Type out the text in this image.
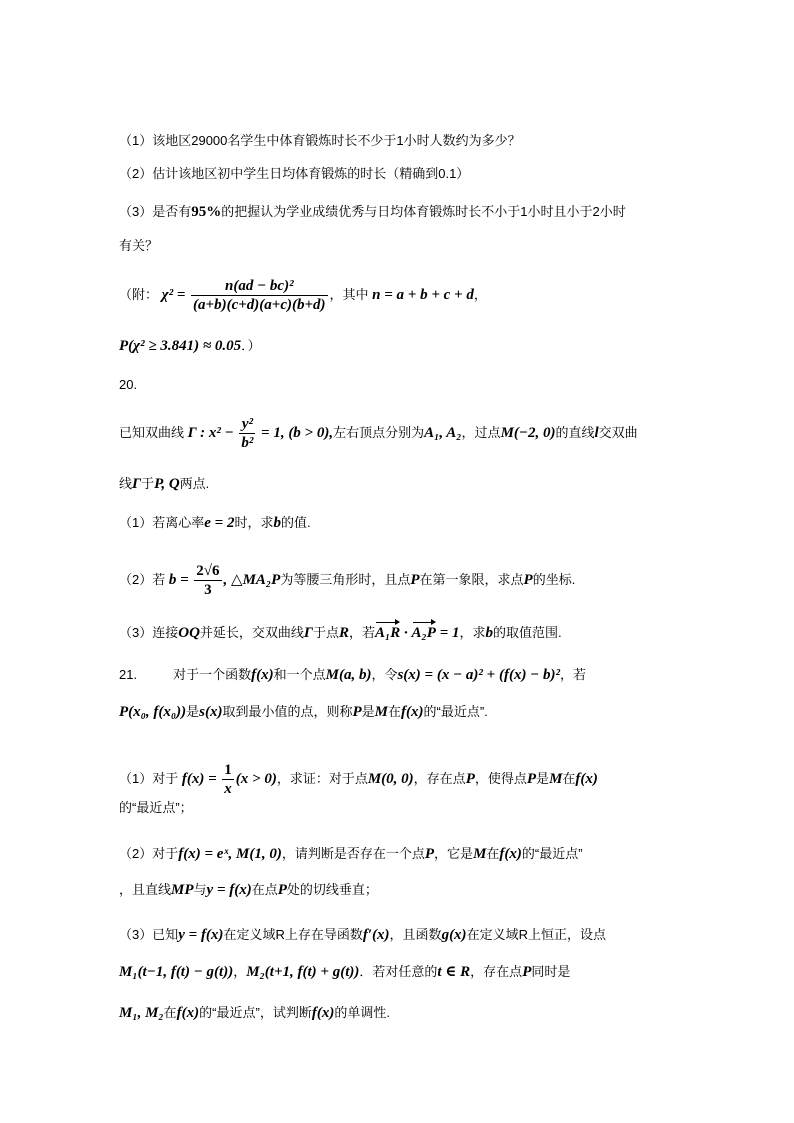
（1）该地区29000名学生中体育锻炼时长不少于1小时人数约为多少？
（2）估计该地区初中学生日均体育锻炼的时长（精确到0.1）
（3）是否有95%的把握认为学业成绩优秀与日均体育锻炼时长不小于1小时且小于2小时
有关？
（附： $\chi^2 = \frac{\text{n(ad − bc)²}}{(a+b)(c+d)(a+c)(b+d)}$ ，其中 n = a + b + c + d，
P(χ² ≥ 3.841) ≈ 0.05．）
20.
已知双曲线 Γ : $x^2 - \frac{\text{y²}}{\text{b²}} = 1$, (b > 0),左右顶点分别为A₁, A₂，过点M(−2, 0)的直线l交双曲
线Γ于P, Q两点.
（1）若离心率e = 2时，求b的值.
（2）若 $b = \frac{2√6}{3}$ , △MA₂P为等腰三角形时，且点P在第一象限，求点P的坐标.
（3）连接OQ并延长，交双曲线Γ于点R，若A₁R · A₂P = 1，求b的取值范围.
21.	对于一个函数f(x)和一个点M(a, b)，令s(x) = (x − a)² + (f(x) − b)²，若
P(x₀, f(x₀))是s(x)取到最小值的点，则称P是M在f(x)的“最近点”.
（1）对于 $f(x) = \frac{1}{x} (x > 0)$，求证：对于点M(0, 0)，存在点P，使得点P是M在f(x)
的“最近点”；
（2）对于f(x) = eˣ, M(1, 0)，请判断是否存在一个点P，它是M在f(x)的“最近点”
，且直线MP与y = f(x)在点P处的切线垂直；
（3）已知y = f(x)在定义域R上存在导函数f′(x)，且函数g(x)在定义域R上恒正，设点
M₁(t−1, f(t) − g(t))，M₂(t+1, f(t) + g(t))．若对任意的t ∈ R，存在点P同时是
M₁, M₂在f(x)的“最近点”，试判断f(x)的单调性.
